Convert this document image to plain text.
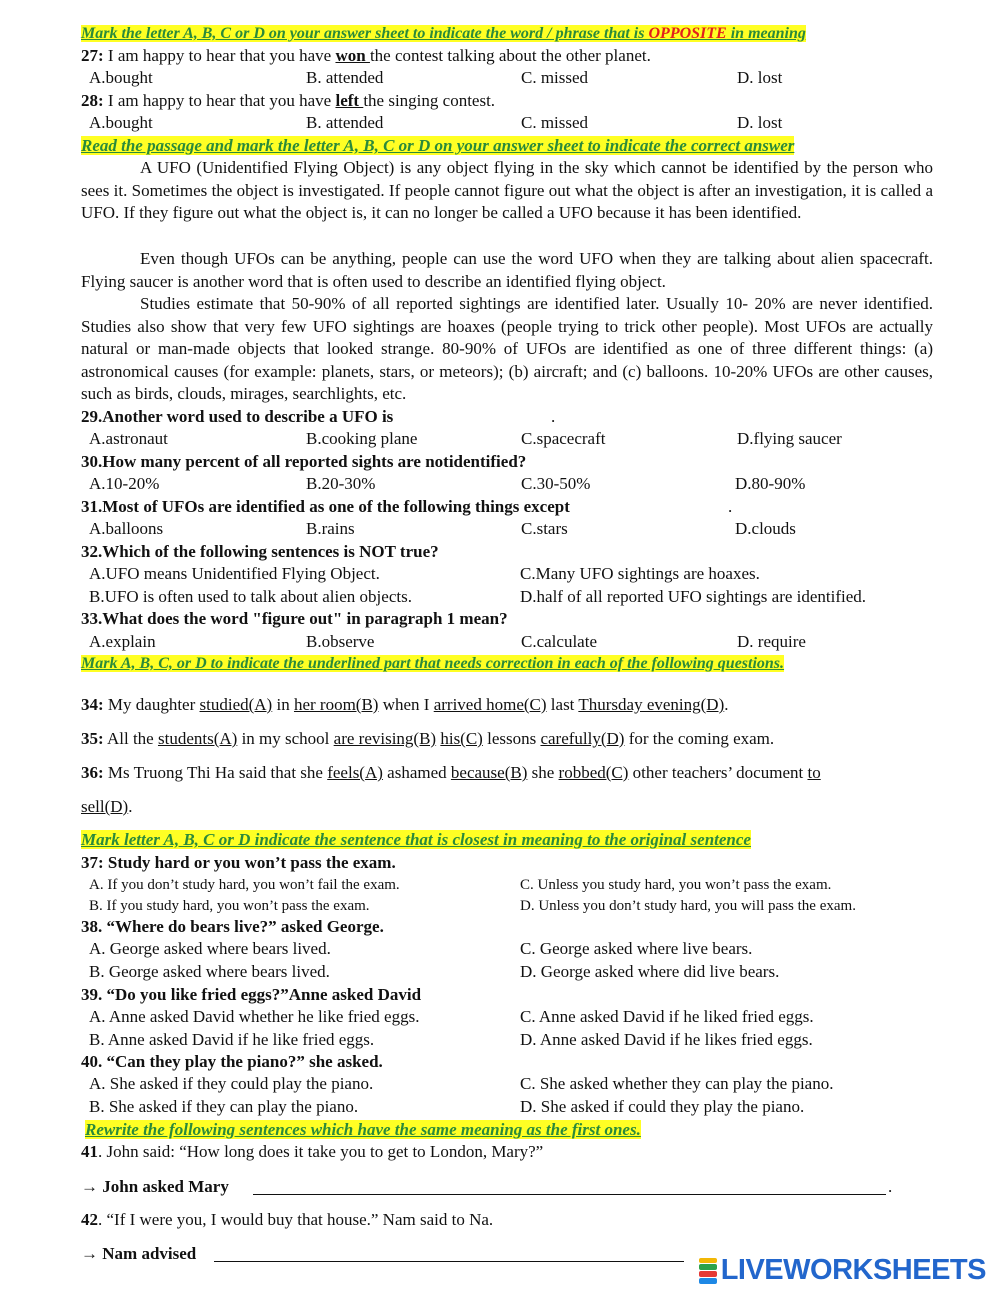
Mark the letter A, B, C or D on your answer sheet to indicate the word / phrase that is OPPOSITE in meaning
27: I am happy to hear that you have won the contest talking about the other planet.
A.bought	B. attended	C. missed	D. lost
28: I am happy to hear that you have left the singing contest.
A.bought	B. attended	C. missed	D. lost
Read the passage and mark the letter A, B, C or D on your answer sheet to indicate the correct answer
A UFO (Unidentified Flying Object) is any object flying in the sky which cannot be identified by the person who sees it. Sometimes the object is investigated. If people cannot figure out what the object is after an investigation, it is called a UFO. If they figure out what the object is, it can no longer be called a UFO because it has been identified.
Even though UFOs can be anything, people can use the word UFO when they are talking about alien spacecraft. Flying saucer is another word that is often used to describe an identified flying object.
Studies estimate that 50-90% of all reported sightings are identified later. Usually 10- 20% are never identified. Studies also show that very few UFO sightings are hoaxes (people trying to trick other people). Most UFOs are actually natural or man-made objects that looked strange. 80-90% of UFOs are identified as one of three different things: (a) astronomical causes (for example: planets, stars, or meteors); (b) aircraft; and (c) balloons. 10-20% UFOs are other causes, such as birds, clouds, mirages, searchlights, etc.
29.Another word used to describe a UFO is	.
A.astronaut	B.cooking plane	C.spacecraft	D.flying saucer
30.How many percent of all reported sights are notidentified?
A.10-20%	B.20-30%	C.30-50%	D.80-90%
31.Most of UFOs are identified as one of the following things except	.
A.balloons	B.rains	C.stars	D.clouds
32.Which of the following sentences is NOT true?
A.UFO means Unidentified Flying Object.	C.Many UFO sightings are hoaxes.
B.UFO is often used to talk about alien objects.	D.half of all reported UFO sightings are identified.
33.What does the word "figure out" in paragraph 1 mean?
A.explain	B.observe	C.calculate	D. require
Mark A, B, C, or D to indicate the underlined part that needs correction in each of the following questions.
34: My daughter studied(A) in her room(B) when I arrived home(C) last Thursday evening(D).
35: All the students(A) in my school are revising(B) his(C) lessons carefully(D) for the coming exam.
36: Ms Truong Thi Ha said that she feels(A) ashamed because(B) she robbed(C) other teachers’ document to
sell(D).
Mark letter A, B, C or D indicate the sentence that is closest in meaning to the original sentence
37: Study hard or you won’t pass the exam.
A. If you don’t study hard, you won’t fail the exam.	C. Unless you study hard, you won’t pass the exam.
B. If you study hard, you won’t pass the exam.	D. Unless you don’t study hard, you will pass the exam.
38. “Where do bears live?” asked George.
A. George asked where bears lived.	C. George asked where live bears.
B. George asked where bears lived.	D. George asked where did live bears.
39. “Do you like fried eggs?”Anne asked David
A. Anne asked David whether he like fried eggs.	C. Anne asked David if he liked fried eggs.
B. Anne asked David if he like fried eggs.	D. Anne asked David if he likes fried eggs.
40. “Can they play the piano?” she asked.
A. She asked if they could play the piano.	C. She asked whether they can play the piano.
B. She asked if they can play the piano.	D. She asked if could they play the piano.
Rewrite the following sentences which have the same meaning as the first ones.
41. John said: “How long does it take you to get to London, Mary?”
→ John asked Mary	.
42. “If I were you, I would buy that house.” Nam said to Na.
→ Nam advised
LIVEWORKSHEETS
